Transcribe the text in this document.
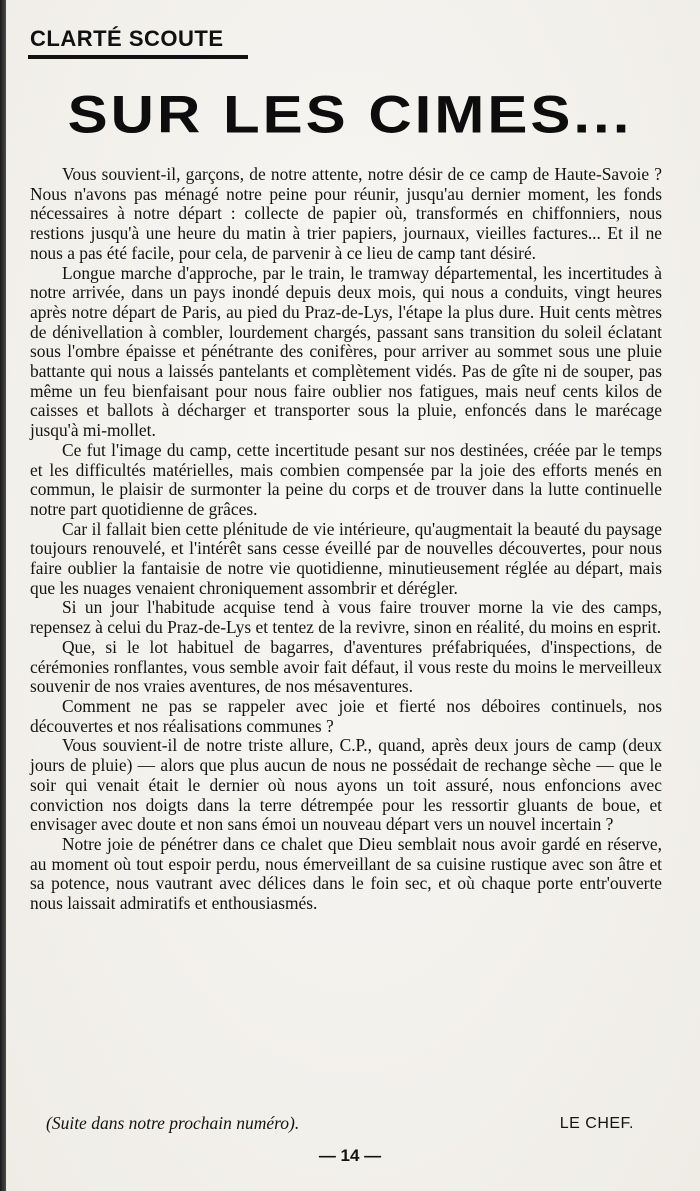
CLARTÉ SCOUTE
SUR LES CIMES...

Vous souvient-il, garçons, de notre attente, notre désir de ce camp de Haute-Savoie ? Nous n'avons pas ménagé notre peine pour réunir, jusqu'au dernier moment, les fonds nécessaires à notre départ : collecte de papier où, transformés en chiffonniers, nous restions jusqu'à une heure du matin à trier papiers, journaux, vieilles factures... Et il ne nous a pas été facile, pour cela, de parvenir à ce lieu de camp tant désiré.

Longue marche d'approche, par le train, le tramway départemental, les incertitudes à notre arrivée, dans un pays inondé depuis deux mois, qui nous a conduits, vingt heures après notre départ de Paris, au pied du Praz-de-Lys, l'étape la plus dure. Huit cents mètres de dénivellation à combler, lourdement chargés, passant sans transition du soleil éclatant sous l'ombre épaisse et pénétrante des conifères, pour arriver au sommet sous une pluie battante qui nous a laissés pantelants et complètement vidés. Pas de gîte ni de souper, pas même un feu bienfaisant pour nous faire oublier nos fatigues, mais neuf cents kilos de caisses et ballots à décharger et transporter sous la pluie, enfoncés dans le marécage jusqu'à mi-mollet.

Ce fut l'image du camp, cette incertitude pesant sur nos destinées, créée par le temps et les difficultés matérielles, mais combien compensée par la joie des efforts menés en commun, le plaisir de surmonter la peine du corps et de trouver dans la lutte continuelle notre part quotidienne de grâces.

Car il fallait bien cette plénitude de vie intérieure, qu'augmentait la beauté du paysage toujours renouvelé, et l'intérêt sans cesse éveillé par de nouvelles découvertes, pour nous faire oublier la fantaisie de notre vie quotidienne, minutieusement réglée au départ, mais que les nuages venaient chroniquement assombrir et dérégler.

Si un jour l'habitude acquise tend à vous faire trouver morne la vie des camps, repensez à celui du Praz-de-Lys et tentez de la revivre, sinon en réalité, du moins en esprit.

Que, si le lot habituel de bagarres, d'aventures préfabriquées, d'inspections, de cérémonies ronflantes, vous semble avoir fait défaut, il vous reste du moins le merveilleux souvenir de nos vraies aventures, de nos mésaventures.

Comment ne pas se rappeler avec joie et fierté nos déboires continuels, nos découvertes et nos réalisations communes ?

Vous souvient-il de notre triste allure, C.P., quand, après deux jours de camp (deux jours de pluie) — alors que plus aucun de nous ne possédait de rechange sèche — que le soir qui venait était le dernier où nous ayons un toit assuré, nous enfoncions avec conviction nos doigts dans la terre détrempée pour les ressortir gluants de boue, et envisager avec doute et non sans émoi un nouveau départ vers un nouvel incertain ?

Notre joie de pénétrer dans ce chalet que Dieu semblait nous avoir gardé en réserve, au moment où tout espoir perdu, nous émerveillant de sa cuisine rustique avec son âtre et sa potence, nous vautrant avec délices dans le foin sec, et où chaque porte entr'ouverte nous laissait admiratifs et enthousiasmés.

(Suite dans notre prochain numéro).	LE CHEF.
— 14 —
